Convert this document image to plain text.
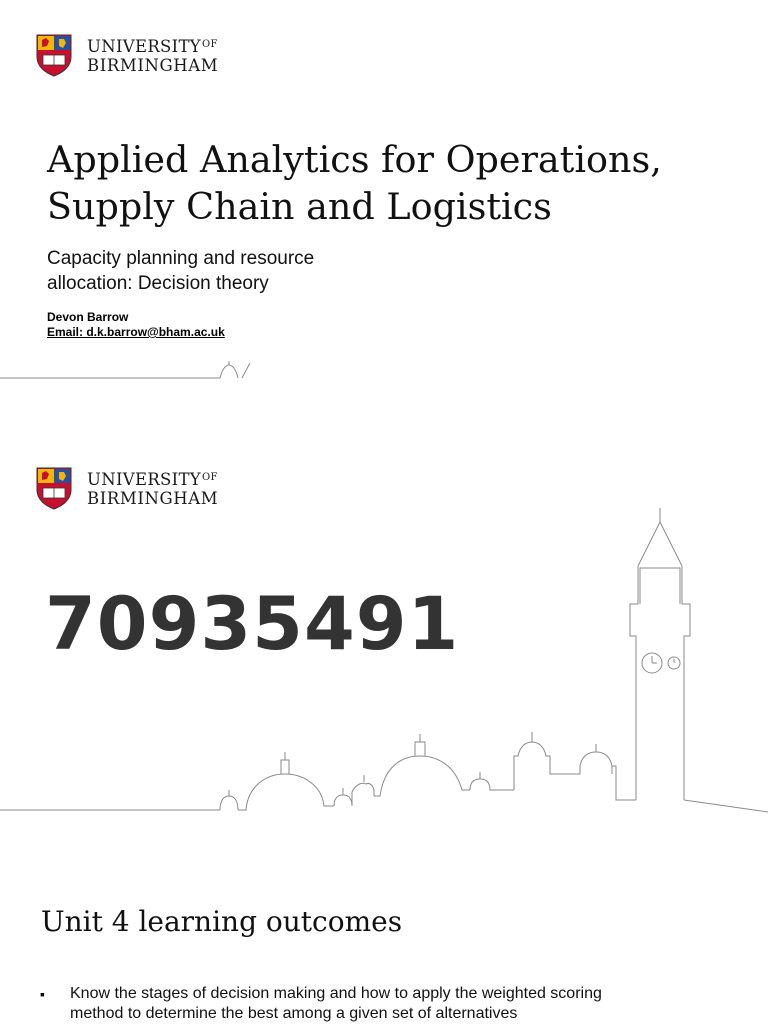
$UNIVERSITY^{OF}$
BIRMINGHAM
Applied Analytics for Operations,
Supply Chain and Logistics
Capacity planning and resource
allocation: Decision theory
Devon Barrow
Email: d.k.barrow@bham.ac.uk
$UNIVERSITY^{OF}$
BIRMINGHAM
70935491
Unit 4 learning outcomes
▪	Know the stages of decision making and how to apply the weighted scoring
method to determine the best among a given set of alternatives
